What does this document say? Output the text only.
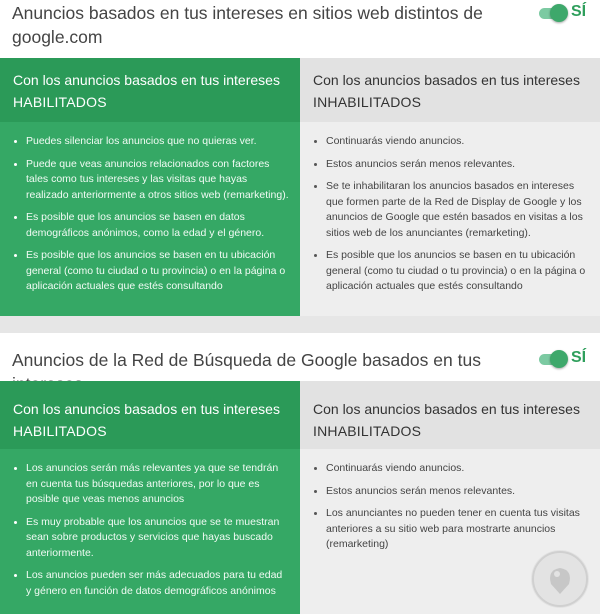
Anuncios basados en tus intereses en sitios web distintos de google.com
SÍ
Con los anuncios basados en tus intereses
HABILITADOS
Puedes silenciar los anuncios que no quieras ver.
Puede que veas anuncios relacionados con factores tales como tus intereses y las visitas que hayas realizado anteriormente a otros sitios web (remarketing).
Es posible que los anuncios se basen en datos demográficos anónimos, como la edad y el género.
Es posible que los anuncios se basen en tu ubicación general (como tu ciudad o tu provincia) o en la página o aplicación actuales que estés consultando
Con los anuncios basados en tus intereses
INHABILITADOS
Continuarás viendo anuncios.
Estos anuncios serán menos relevantes.
Se te inhabilitaran los anuncios basados en intereses que formen parte de la Red de Display de Google y los anuncios de Google que estén basados en visitas a los sitios web de los anunciantes (remarketing).
Es posible que los anuncios se basen en tu ubicación general (como tu ciudad o tu provincia) o en la página o aplicación actuales que estés consultando
Anuncios de la Red de Búsqueda de Google basados en tus	SÍ
Con los anuncios basados en tus intereses
HABILITADOS
Los anuncios serán más relevantes ya que se tendrán en cuenta tus búsquedas anteriores, por lo que es posible que veas menos anuncios
Es muy probable que los anuncios que se te muestran sean sobre productos y servicios que hayas buscado anteriormente.
Los anuncios pueden ser más adecuados para tu edad y género en función de datos demográficos anónimos
Con los anuncios basados en tus intereses
INHABILITADOS
Continuarás viendo anuncios.
Estos anuncios serán menos relevantes.
Los anunciantes no pueden tener en cuenta tus visitas anteriores a su sitio web para mostrarte anuncios (remarketing)
